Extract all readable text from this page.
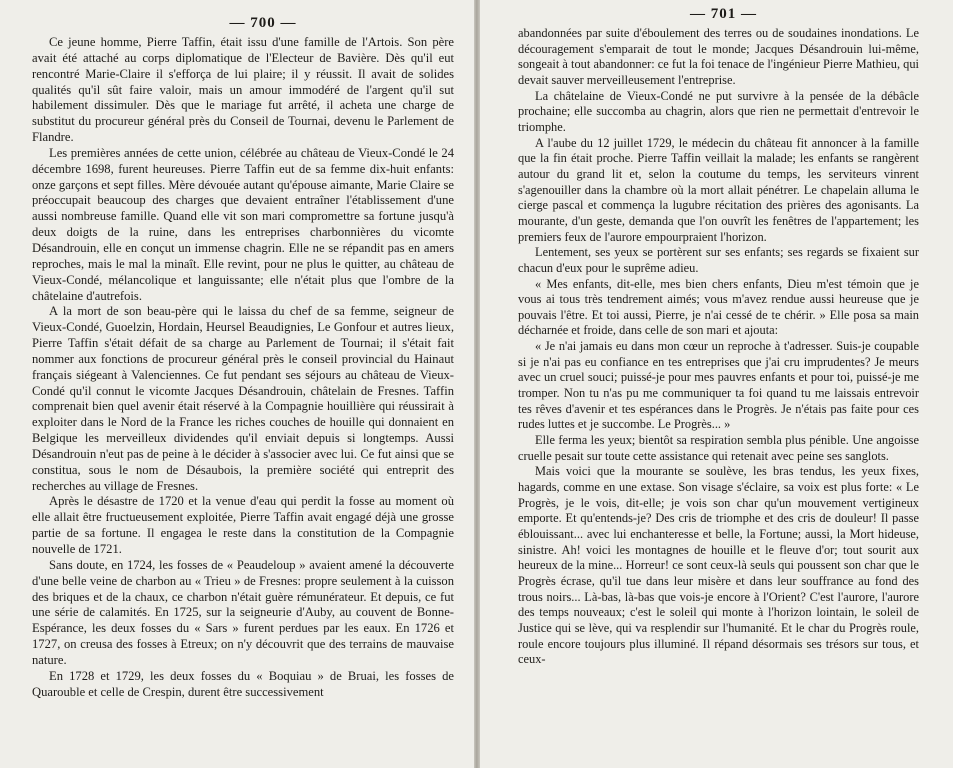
— 700 —

Ce jeune homme, Pierre Taffin, était issu d'une famille de l'Artois. Son père avait été attaché au corps diplomatique de l'Electeur de Bavière. Dès qu'il eut rencontré Marie-Claire il s'efforça de lui plaire; il y réussit. Il avait de solides qualités qu'il sût faire valoir, mais un amour immodéré de l'argent qu'il sut habilement dissimuler. Dès que le mariage fut arrêté, il acheta une charge de substitut du procureur général près du Conseil de Tournai, devenu le Parlement de Flandre.

Les premières années de cette union, célébrée au château de Vieux-Condé le 24 décembre 1698, furent heureuses. Pierre Taffin eut de sa femme dix-huit enfants: onze garçons et sept filles. Mère dévouée autant qu'épouse aimante, Marie Claire se préoccupait beaucoup des charges que devaient entraîner l'établissement d'une aussi nombreuse famille. Quand elle vit son mari compromettre sa fortune jusqu'à deux doigts de la ruine, dans les entreprises charbonnières du vicomte Désandrouin, elle en conçut un immense chagrin. Elle ne se répandit pas en amers reproches, mais le mal la minaît. Elle revint, pour ne plus le quitter, au château de Vieux-Condé, mélancolique et languissante; elle n'était plus que l'ombre de la châtelaine d'autrefois.

A la mort de son beau-père qui le laissa du chef de sa femme, seigneur de Vieux-Condé, Guoelzin, Hordain, Heursel Beaudignies, Le Gonfour et autres lieux, Pierre Taffin s'était défait de sa charge au Parlement de Tournai; il s'était fait nommer aux fonctions de procureur général près le conseil provincial du Hainaut français siégeant à Valenciennes. Ce fut pendant ses séjours au château de Vieux-Condé qu'il connut le vicomte Jacques Désandrouin, châtelain de Fresnes. Taffin comprenait bien quel avenir était réservé à la Compagnie houillière qui réussirait à exploiter dans le Nord de la France les riches couches de houille qui donnaient en Belgique les merveilleux dividendes qu'il enviait depuis si longtemps. Aussi Désandrouin n'eut pas de peine à le décider à s'associer avec lui. Ce fut ainsi que se constitua, sous le nom de Désaubois, la première société qui entreprit des recherches au village de Fresnes.

Après le désastre de 1720 et la venue d'eau qui perdit la fosse au moment où elle allait être fructueusement exploitée, Pierre Taffin avait engagé déjà une grosse partie de sa fortune. Il engagea le reste dans la constitution de la Compagnie nouvelle de 1721.

Sans doute, en 1724, les fosses de « Peaudeloup » avaient amené la découverte d'une belle veine de charbon au « Trieu » de Fresnes: propre seulement à la cuisson des briques et de la chaux, ce charbon n'était guère rémunérateur. Et depuis, ce fut une série de calamités. En 1725, sur la seigneurie d'Auby, au couvent de Bonne-Espérance, les deux fosses du « Sars » furent perdues par les eaux. En 1726 et 1727, on creusa des fosses à Etreux; on n'y découvrit que des terrains de mauvaise nature.

En 1728 et 1729, les deux fosses du « Boquiau » de Bruai, les fosses de Quarouble et celle de Crespin, durent être successivement

— 701 —

abandonnées par suite d'éboulement des terres ou de soudaines inondations. Le découragement s'emparait de tout le monde; Jacques Désandrouin lui-même, songeait à tout abandonner: ce fut la foi tenace de l'ingénieur Pierre Mathieu, qui devait sauver merveilleusement l'entreprise.

La châtelaine de Vieux-Condé ne put survivre à la pensée de la débâcle prochaine; elle succomba au chagrin, alors que rien ne permettait d'entrevoir le triomphe.

A l'aube du 12 juillet 1729, le médecin du château fit annoncer à la famille que la fin était proche. Pierre Taffin veillait la malade; les enfants se rangèrent autour du grand lit et, selon la coutume du temps, les serviteurs vinrent s'agenouiller dans la chambre où la mort allait pénétrer. Le chapelain alluma le cierge pascal et commença la lugubre récitation des prières des agonisants. La mourante, d'un geste, demanda que l'on ouvrît les fenêtres de l'appartement; les premiers feux de l'aurore empourpraient l'horizon.

Lentement, ses yeux se portèrent sur ses enfants; ses regards se fixaient sur chacun d'eux pour le suprême adieu.

« Mes enfants, dit-elle, mes bien chers enfants, Dieu m'est témoin que je vous ai tous très tendrement aimés; vous m'avez rendue aussi heureuse que je pouvais l'être. Et toi aussi, Pierre, je n'ai cessé de te chérir. » Elle posa sa main décharnée et froide, dans celle de son mari et ajouta:

« Je n'ai jamais eu dans mon cœur un reproche à t'adresser. Suis-je coupable si je n'ai pas eu confiance en tes entreprises que j'ai cru imprudentes? Je meurs avec un cruel souci; puissé-je pour mes pauvres enfants et pour toi, puissé-je me tromper. Non tu n'as pu me communiquer ta foi quand tu me laissais entrevoir tes rêves d'avenir et tes espérances dans le Progrès. Je n'étais pas faite pour ces rudes luttes et je succombe. Le Progrès... »

Elle ferma les yeux; bientôt sa respiration sembla plus pénible. Une angoisse cruelle pesait sur toute cette assistance qui retenait avec peine ses sanglots.

Mais voici que la mourante se soulève, les bras tendus, les yeux fixes, hagards, comme en une extase. Son visage s'éclaire, sa voix est plus forte: « Le Progrès, je le vois, dit-elle; je vois son char qu'un mouvement vertigineux emporte. Et qu'entends-je? Des cris de triomphe et des cris de douleur! Il passe éblouissant... avec lui enchanteresse et belle, la Fortune; aussi, la Mort hideuse, sinistre. Ah! voici les montagnes de houille et le fleuve d'or; tout sourit aux heureux de la mine... Horreur! ce sont ceux-là seuls qui poussent son char que le Progrès écrase, qu'il tue dans leur misère et dans leur souffrance au fond des trous noirs... Là-bas, là-bas que vois-je encore à l'Orient? C'est l'aurore, l'aurore des temps nouveaux; c'est le soleil qui monte à l'horizon lointain, le soleil de Justice qui se lève, qui va resplendir sur l'humanité. Et le char du Progrès roule, roule encore toujours plus illuminé. Il répand désormais ses trésors sur tous, et ceux-
